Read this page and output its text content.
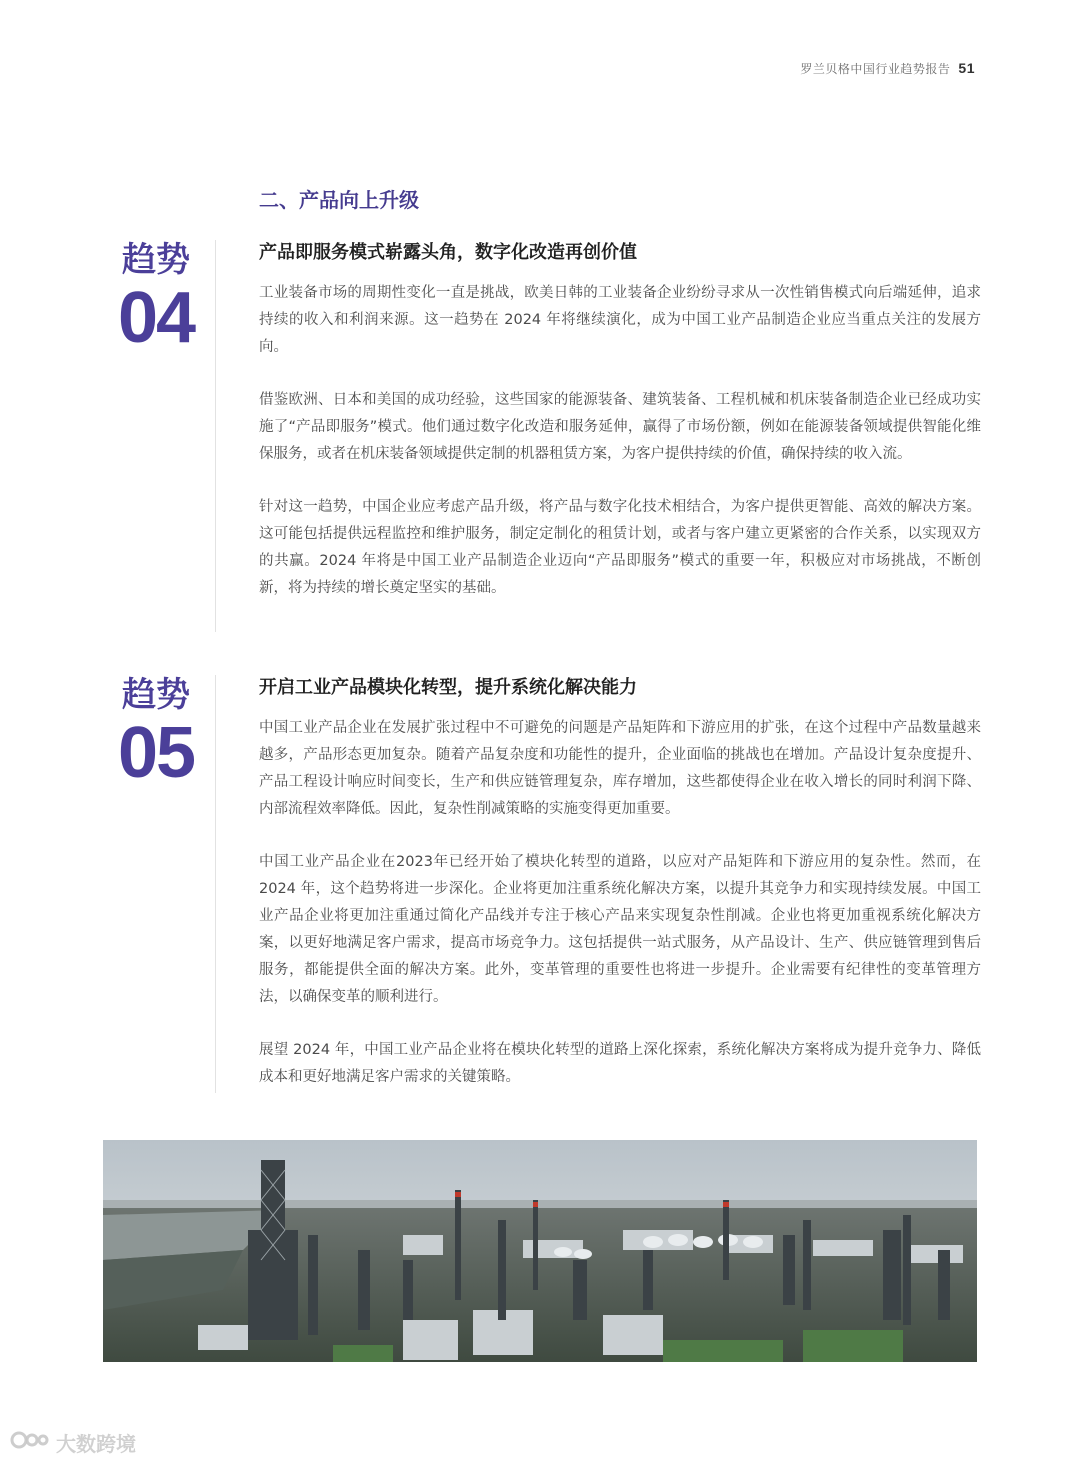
罗兰贝格中国行业趋势报告 51
二、产品向上升级
趋势
04
产品即服务模式崭露头角，数字化改造再创价值

工业装备市场的周期性变化一直是挑战，欧美日韩的工业装备企业纷纷寻求从一次性销售模式向后端延伸，追求持续的收入和利润来源。这一趋势在 2024 年将继续演化，成为中国工业产品制造企业应当重点关注的发展方向。

借鉴欧洲、日本和美国的成功经验，这些国家的能源装备、建筑装备、工程机械和机床装备制造企业已经成功实施了“产品即服务”模式。他们通过数字化改造和服务延伸，赢得了市场份额，例如在能源装备领域提供智能化维保服务，或者在机床装备领域提供定制的机器租赁方案，为客户提供持续的价值，确保持续的收入流。

针对这一趋势，中国企业应考虑产品升级，将产品与数字化技术相结合，为客户提供更智能、高效的解决方案。这可能包括提供远程监控和维护服务，制定定制化的租赁计划，或者与客户建立更紧密的合作关系，以实现双方的共赢。2024 年将是中国工业产品制造企业迈向“产品即服务”模式的重要一年，积极应对市场挑战，不断创新，将为持续的增长奠定坚实的基础。

趋势
05
开启工业产品模块化转型，提升系统化解决能力

中国工业产品企业在发展扩张过程中不可避免的问题是产品矩阵和下游应用的扩张，在这个过程中产品数量越来越多，产品形态更加复杂。随着产品复杂度和功能性的提升，企业面临的挑战也在增加。产品设计复杂度提升、产品工程设计响应时间变长，生产和供应链管理复杂，库存增加，这些都使得企业在收入增长的同时利润下降、内部流程效率降低。因此，复杂性削减策略的实施变得更加重要。

中国工业产品企业在2023年已经开始了模块化转型的道路，以应对产品矩阵和下游应用的复杂性。然而，在 2024 年，这个趋势将进一步深化。企业将更加注重系统化解决方案，以提升其竞争力和实现持续发展。中国工业产品企业将更加注重通过简化产品线并专注于核心产品来实现复杂性削减。企业也将更加重视系统化解决方案，以更好地满足客户需求，提高市场竞争力。这包括提供一站式服务，从产品设计、生产、供应链管理到售后服务，都能提供全面的解决方案。此外，变革管理的重要性也将进一步提升。企业需要有纪律性的变革管理方法，以确保变革的顺利进行。

展望 2024 年，中国工业产品企业将在模块化转型的道路上深化探索，系统化解决方案将成为提升竞争力、降低成本和更好地满足客户需求的关键策略。

大数跨境
